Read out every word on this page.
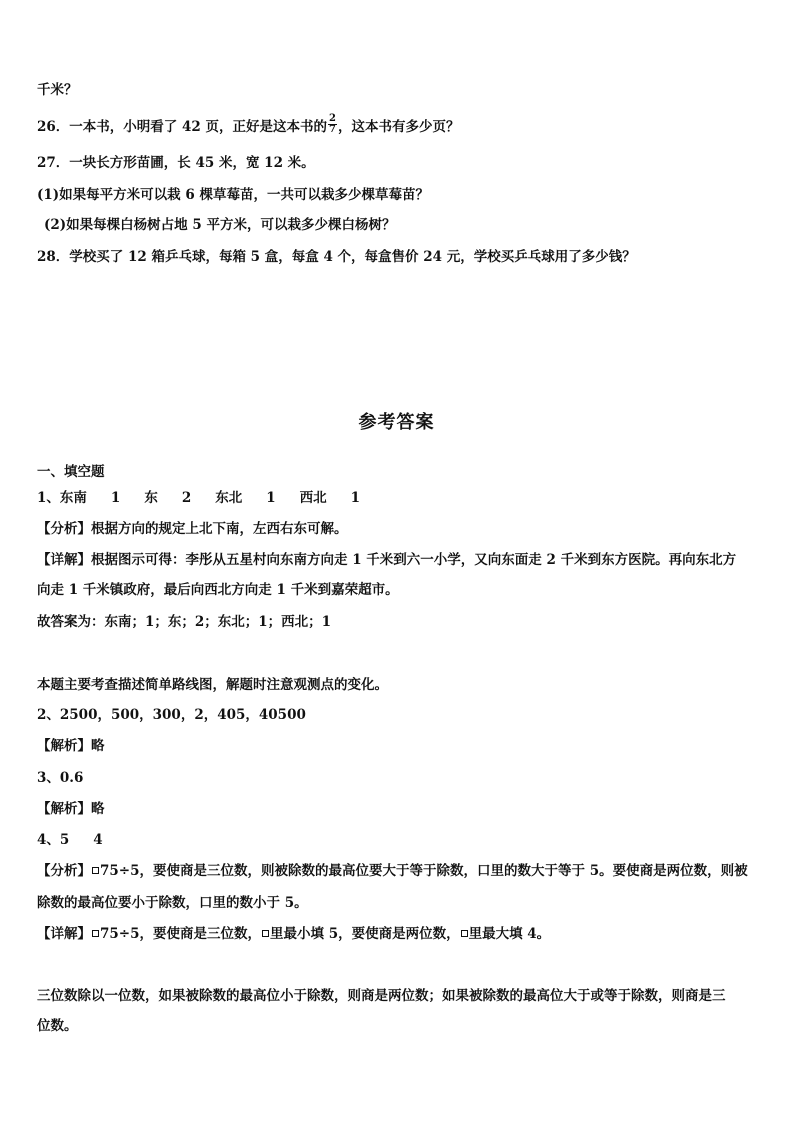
千米？
26．一本书，小明看了 42 页，正好是这本书的 $\frac{2}{7}$ ，这本书有多少页？
27．一块长方形苗圃，长 45 米，宽 12 米。
(1)如果每平方米可以栽 6 棵草莓苗，一共可以栽多少棵草莓苗？
(2)如果每棵白杨树占地 5 平方米，可以栽多少棵白杨树？
28．学校买了 12 箱乒乓球，每箱 5 盒，每盒 4 个，每盒售价 24 元，学校买乒乓球用了多少钱？
参考答案
一、填空题
1、东南 1 东 2 东北 1 西北 1
【分析】根据方向的规定上北下南，左西右东可解。
【详解】根据图示可得：李彤从五星村向东南方向走 1 千米到六一小学，又向东面走 2 千米到东方医院。再向东北方
向走 1 千米镇政府，最后向西北方向走 1 千米到嘉荣超市。
故答案为：东南；1；东；2；东北；1；西北；1
本题主要考查描述简单路线图，解题时注意观测点的变化。
2、2500，500，300，2，405，40500
【解析】略
3、0.6
【解析】略
4、5 4
【分析】 75÷5，要使商是三位数，则被除数的最高位要大于等于除数，口里的数大于等于 5。要使商是两位数，则被
除数的最高位要小于除数，口里的数小于 5。
【详解】 75÷5，要使商是三位数， 里最小填 5，要使商是两位数， 里最大填 4。
三位数除以一位数，如果被除数的最高位小于除数，则商是两位数；如果被除数的最高位大于或等于除数，则商是三
位数。
